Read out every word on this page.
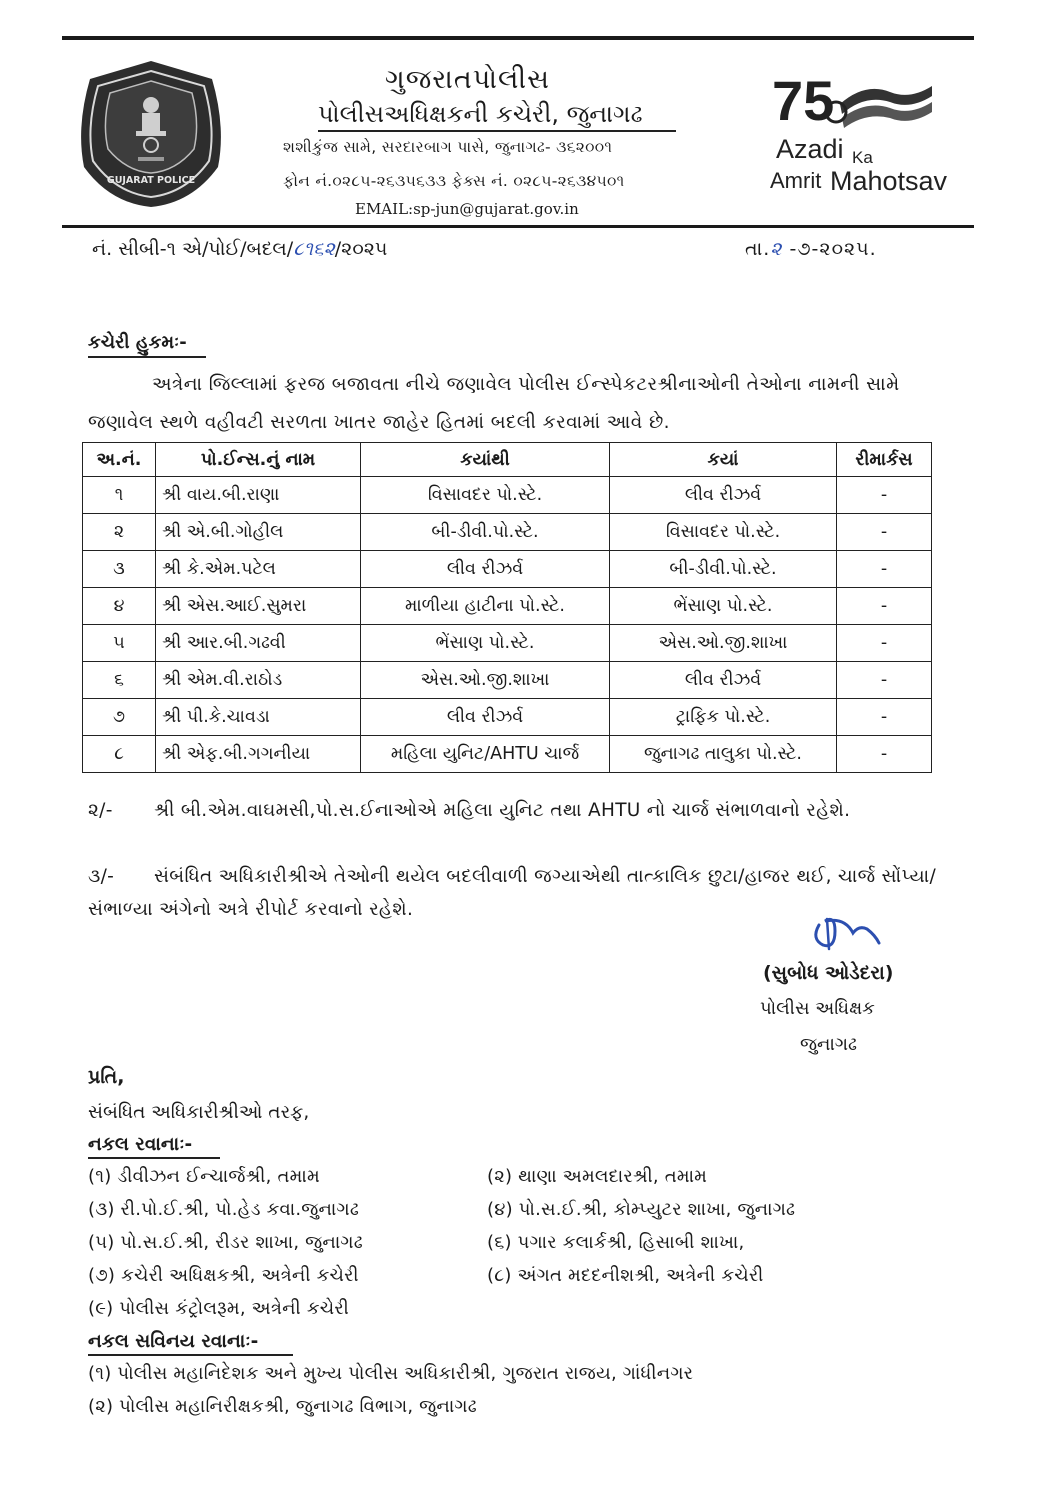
GUJARAT POLICE
ગુજરાતપોલીસ
પોલીસઅધિક્ષકની કચેરી, જુનાગઢ
શશીકુંજ સામે, સરદારબાગ પાસે, જુનાગઢ- ૩૬૨૦૦૧
ફોન નં.૦૨૮૫-૨૬૩૫૬૩૩ ફેક્સ નં. ૦૨૮૫-૨૬૩૪૫૦૧
EMAIL:sp-jun@gujarat.gov.in
75
Azadi Ka
Amrit Mahotsav
નં. સીબી-૧ એ/પોઈ/બદલ/૮૧૬૨/૨૦૨૫	તા.૨ -૭-૨૦૨૫.
કચેરી હુકમઃ-
અત્રેના જિલ્લામાં ફરજ બજાવતા નીચે જણાવેલ પોલીસ ઈન્સ્પેકટરશ્રીનાઓની તેઓના નામની સામે જણાવેલ સ્થળે વહીવટી સરળતા ખાતર જાહેર હિતમાં બદલી કરવામાં આવે છે.
અ.નં.	પો.ઈન્સ.નું નામ	કયાંથી	કયાં	રીમાર્કસ
૧	શ્રી વાય.બી.રાણા	વિસાવદર પો.સ્ટે.	લીવ રીઝર્વ	-
૨	શ્રી એ.બી.ગોહીલ	બી-ડીવી.પો.સ્ટે.	વિસાવદર પો.સ્ટે.	-
૩	શ્રી કે.એમ.પટેલ	લીવ રીઝર્વ	બી-ડીવી.પો.સ્ટે.	-
૪	શ્રી એસ.આઈ.સુમરા	માળીયા હાટીના પો.સ્ટે.	ભેંસાણ પો.સ્ટે.	-
૫	શ્રી આર.બી.ગઢવી	ભેંસાણ પો.સ્ટે.	એસ.ઓ.જી.શાખા	-
૬	શ્રી એમ.વી.રાઠોડ	એસ.ઓ.જી.શાખા	લીવ રીઝર્વ	-
૭	શ્રી પી.કે.ચાવડા	લીવ રીઝર્વ	ટ્રાફિક પો.સ્ટે.	-
૮	શ્રી એફ.બી.ગગનીયા	મહિલા યુનિટ/AHTU ચાર્જ	જુનાગઢ તાલુકા પો.સ્ટે.	-
૨/- શ્રી બી.એમ.વાઘમસી,પો.સ.ઈનાઓએ મહિલા યુનિટ તથા AHTU નો ચાર્જ સંભાળવાનો રહેશે.
૩/- સંબંધિત અધિકારીશ્રીએ તેઓની થયેલ બદલીવાળી જગ્યાએથી તાત્કાલિક છુટા/હાજર થઈ, ચાર્જ સોંપ્યા/સંભાળ્યા અંગેનો અત્રે રીપોર્ટ કરવાનો રહેશે.
(સુબોધ ઓડેદરા)
પોલીસ અધિક્ષક
જુનાગઢ
પ્રતિ,
સંબંધિત અધિકારીશ્રીઓ તરફ,
નકલ રવાનાઃ-
(૧) ડીવીઝન ઈન્ચાર્જશ્રી, તમામ
(૩) રી.પો.ઈ.શ્રી, પો.હેડ કવા.જુનાગઢ
(૫) પો.સ.ઈ.શ્રી, રીડર શાખા, જુનાગઢ
(૭) કચેરી અધિક્ષકશ્રી, અત્રેની કચેરી
(૯) પોલીસ કંટ્રોલરૂમ, અત્રેની કચેરી
(૨) થાણા અમલદારશ્રી, તમામ
(૪) પો.સ.ઈ.શ્રી, કોમ્પ્યુટર શાખા, જુનાગઢ
(૬) પગાર કલાર્કશ્રી, હિસાબી શાખા,
(૮) અંગત મદદનીશશ્રી, અત્રેની કચેરી
નકલ સવિનય રવાનાઃ-
(૧) પોલીસ મહાનિદેશક અને મુખ્ય પોલીસ અધિકારીશ્રી, ગુજરાત રાજય, ગાંધીનગર
(૨) પોલીસ મહાનિરીક્ષકશ્રી, જુનાગઢ વિભાગ, જુનાગઢ
